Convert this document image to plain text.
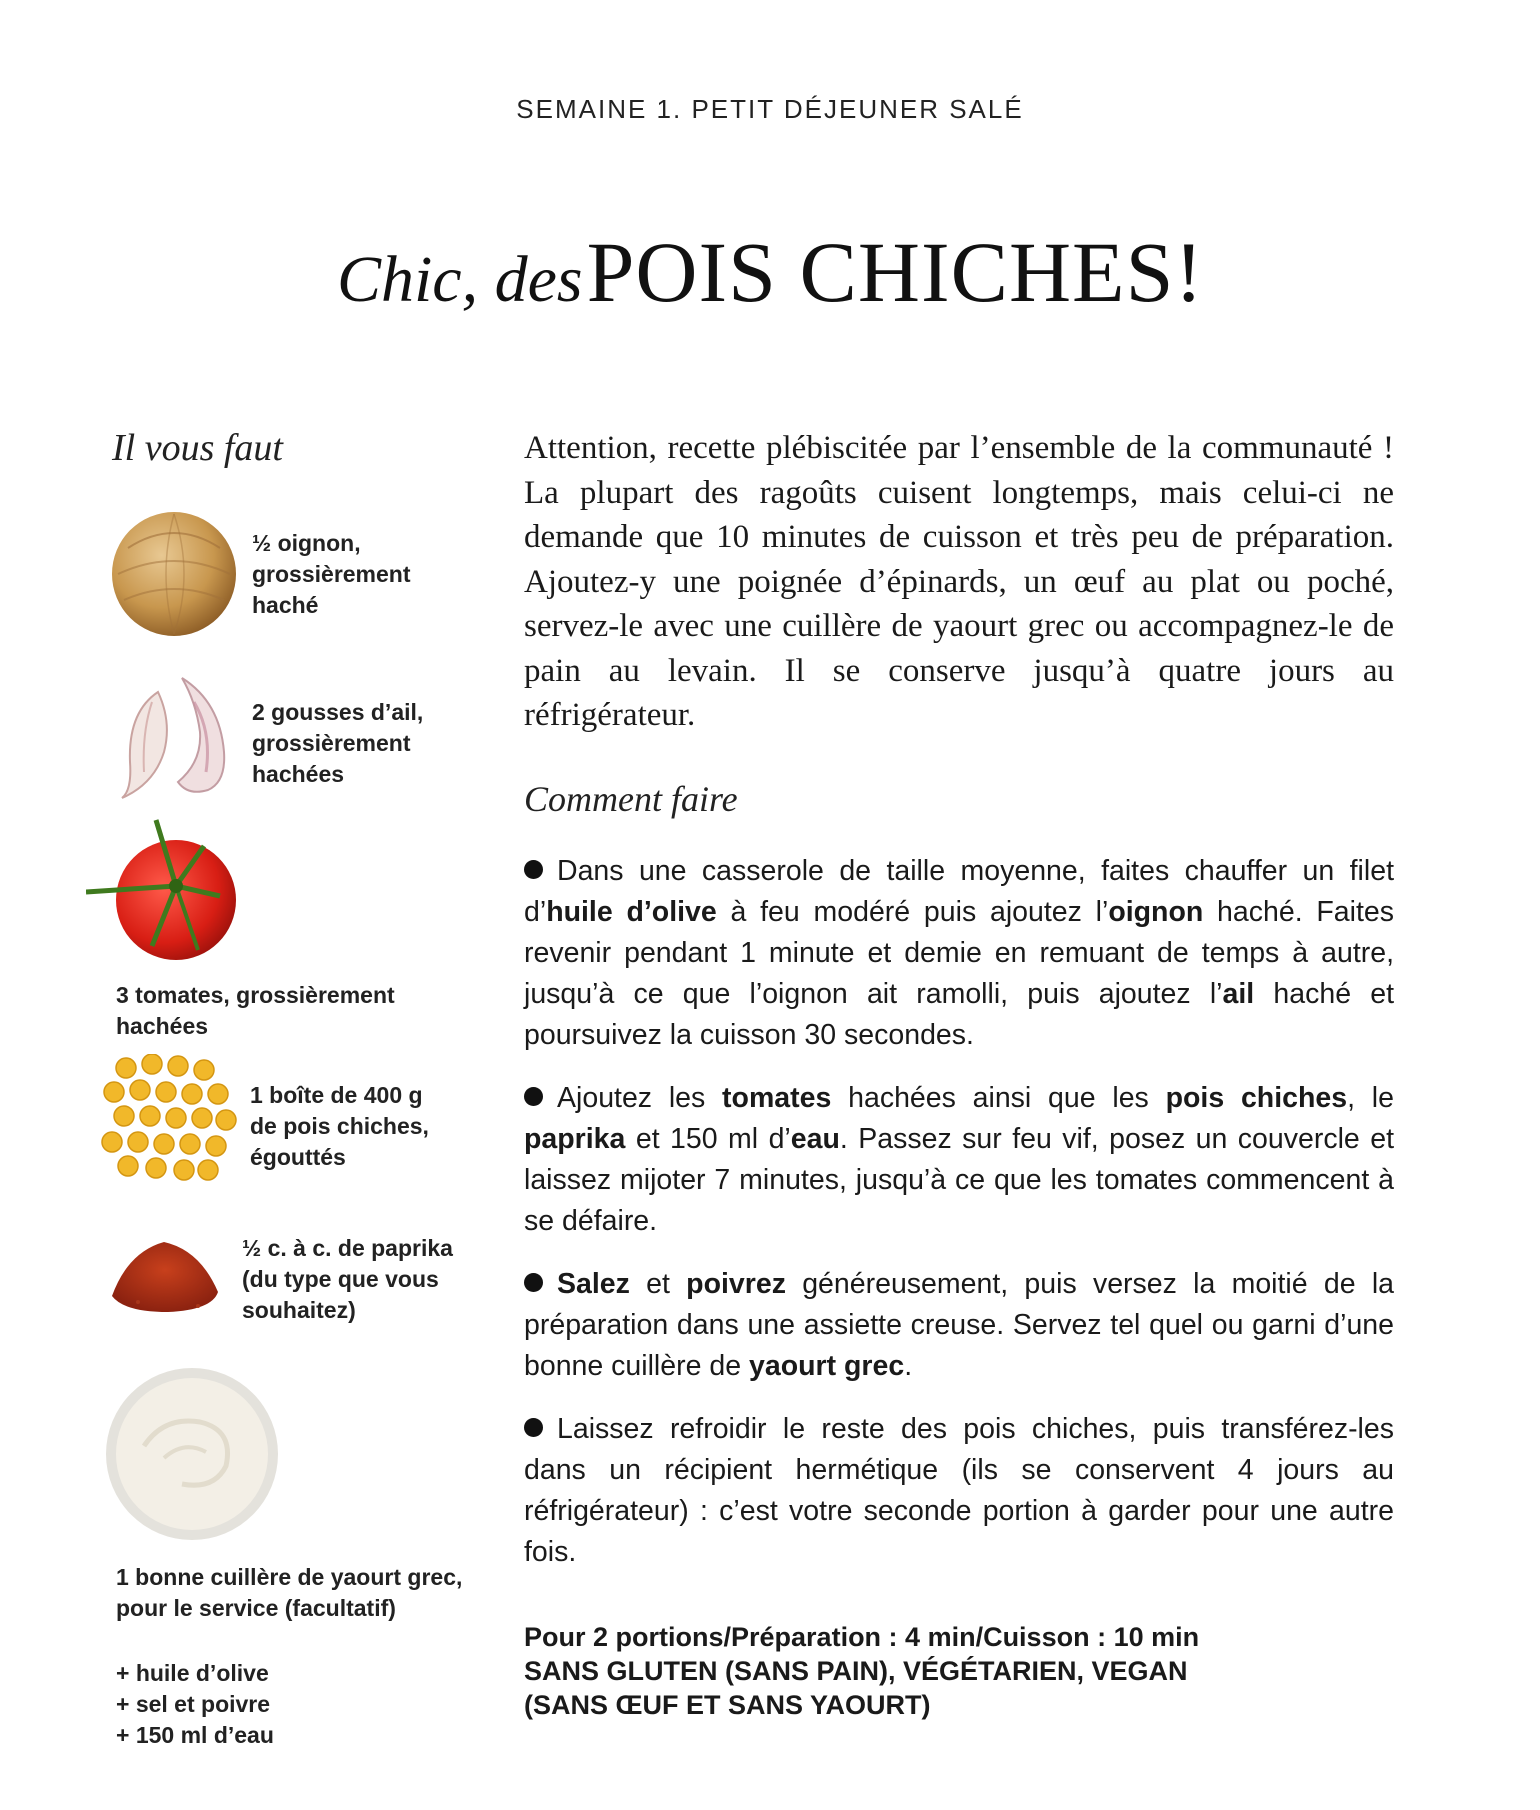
SEMAINE 1. PETIT DÉJEUNER SALÉ
Chic, des POIS CHICHES!
Il vous faut
½ oignon,
grossièrement
haché
2 gousses d’ail,
grossièrement
hachées
3 tomates, grossièrement
hachées
1 boîte de 400 g
de pois chiches,
égouttés
½ c. à c. de paprika
(du type que vous
souhaitez)
1 bonne cuillère de yaourt grec,
pour le service (facultatif)
+ huile d’olive
+ sel et poivre
+ 150 ml d’eau
Attention, recette plébiscitée par l’ensemble de la communauté ! La plupart des ragoûts cuisent longtemps, mais celui-ci ne demande que 10 minutes de cuisson et très peu de préparation. Ajoutez-y une poignée d’épinards, un œuf au plat ou poché, servez-le avec une cuillère de yaourt grec ou accompagnez-le de pain au levain. Il se conserve jusqu’à quatre jours au réfrigérateur.
Comment faire
Dans une casserole de taille moyenne, faites chauffer un filet d’huile d’olive à feu modéré puis ajoutez l’oignon haché. Faites revenir pendant 1 minute et demie en remuant de temps à autre, jusqu’à ce que l’oignon ait ramolli, puis ajoutez l’ail haché et poursuivez la cuisson 30 secondes.
Ajoutez les tomates hachées ainsi que les pois chiches, le paprika et 150 ml d’eau. Passez sur feu vif, posez un couvercle et laissez mijoter 7 minutes, jusqu’à ce que les tomates commencent à se défaire.
Salez et poivrez généreusement, puis versez la moitié de la préparation dans une assiette creuse. Servez tel quel ou garni d’une bonne cuillère de yaourt grec.
Laissez refroidir le reste des pois chiches, puis transférez-les dans un récipient hermétique (ils se conservent 4 jours au réfrigérateur) : c’est votre seconde portion à garder pour une autre fois.
Pour 2 portions/Préparation : 4 min/Cuisson : 10 min
SANS GLUTEN (SANS PAIN), VÉGÉTARIEN, VEGAN
(SANS ŒUF ET SANS YAOURT)
